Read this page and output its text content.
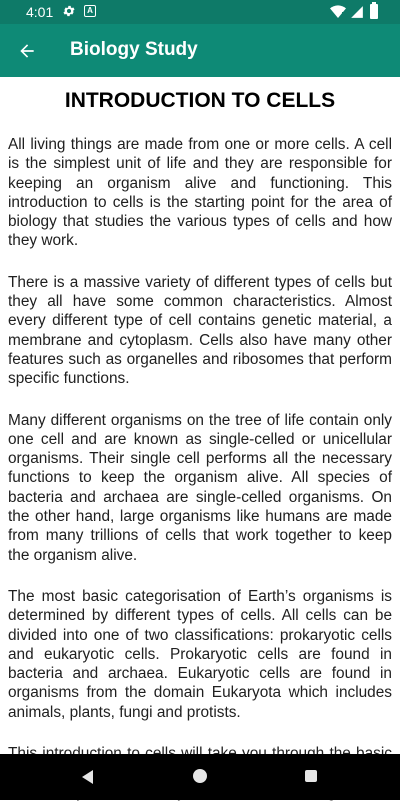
4:01	A
Biology Study
INTRODUCTION TO CELLS

All living things are made from one or more cells. A cell is the simplest unit of life and they are responsible for keeping an organism alive and functioning. This introduction to cells is the starting point for the area of biology that studies the various types of cells and how they work.

There is a massive variety of different types of cells but they all have some common characteristics. Almost every different type of cell contains genetic material, a membrane and cytoplasm. Cells also have many other features such as organelles and ribosomes that perform specific functions.

Many different organisms on the tree of life contain only one cell and are known as single-celled or unicellular organisms. Their single cell performs all the necessary functions to keep the organism alive. All species of bacteria and archaea are single-celled organisms. On the other hand, large organisms like humans are made from many trillions of cells that work together to keep the organism alive.

The most basic categorisation of Earth’s organisms is determined by different types of cells. All cells can be divided into one of two classifications: prokaryotic cells and eukaryotic cells. Prokaryotic cells are found in bacteria and archaea. Eukaryotic cells are found in organisms from the domain Eukaryota which includes animals, plants, fungi and protists.
